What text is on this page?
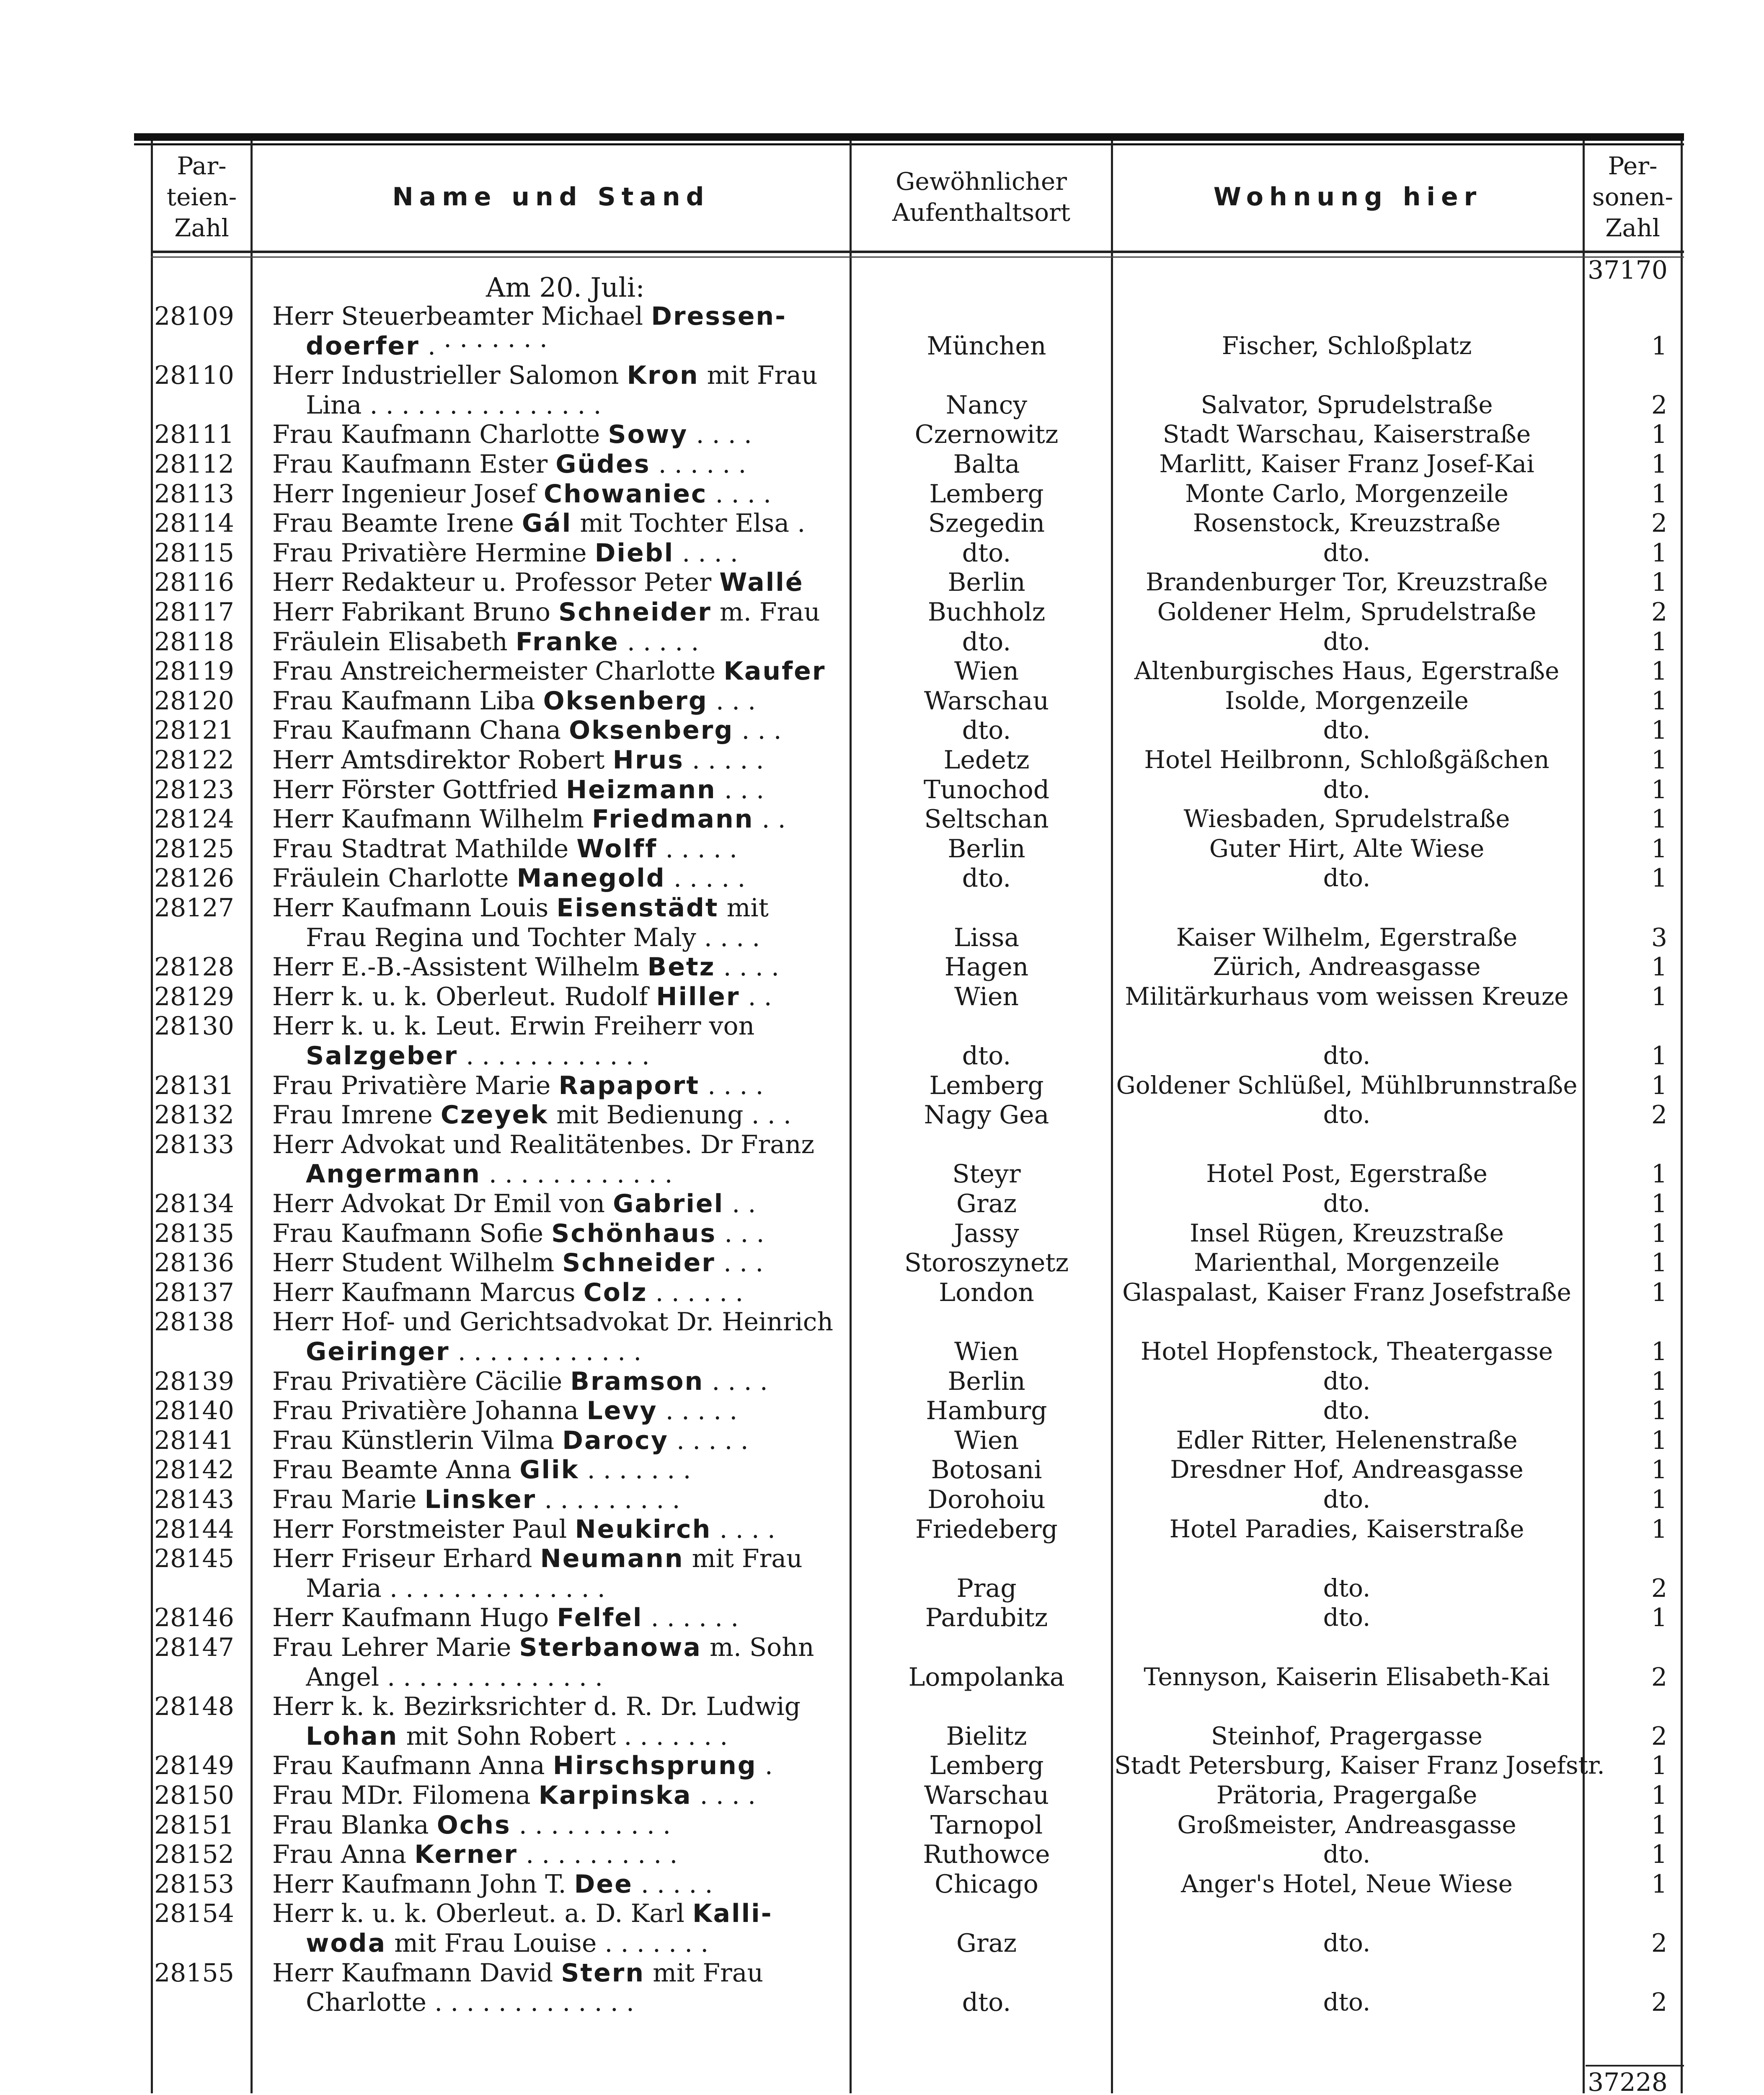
Par-
teien-
Zahl
Name und Stand
Gewöhnlicher
Aufenthaltsort
Wohnung hier
Per-
sonen-
Zahl
37170
Am 20. Juli:
28109 Herr Steuerbeamter Michael Dressen-
doerfer . · · · · · · ·	München	Fischer, Schloßplatz	1
28110 Herr Industrieller Salomon Kron mit Frau
Lina . . . . . . . . . . . . . . .	Nancy	Salvator, Sprudelstraße	2
28111 Frau Kaufmann Charlotte Sowy . . . .	Czernowitz	Stadt Warschau, Kaiserstraße	1
28112 Frau Kaufmann Ester Güdes . . . . . .	Balta	Marlitt, Kaiser Franz Josef-Kai	1
28113 Herr Ingenieur Josef Chowaniec . . . .	Lemberg	Monte Carlo, Morgenzeile	1
28114 Frau Beamte Irene Gál mit Tochter Elsa .	Szegedin	Rosenstock, Kreuzstraße	2
28115 Frau Privatière Hermine Diebl . . . .	dto.	dto.	1
28116 Herr Redakteur u. Professor Peter Wallé	Berlin	Brandenburger Tor, Kreuzstraße	1
28117 Herr Fabrikant Bruno Schneider m. Frau	Buchholz	Goldener Helm, Sprudelstraße	2
28118 Fräulein Elisabeth Franke . . . . .	dto.	dto.	1
28119 Frau Anstreichermeister Charlotte Kaufer	Wien	Altenburgisches Haus, Egerstraße	1
28120 Frau Kaufmann Liba Oksenberg . . .	Warschau	Isolde, Morgenzeile	1
28121 Frau Kaufmann Chana Oksenberg . . .	dto.	dto.	1
28122 Herr Amtsdirektor Robert Hrus . . . . .	Ledetz	Hotel Heilbronn, Schloßgäßchen	1
28123 Herr Förster Gottfried Heizmann . . .	Tunochod	dto.	1
28124 Herr Kaufmann Wilhelm Friedmann . .	Seltschan	Wiesbaden, Sprudelstraße	1
28125 Frau Stadtrat Mathilde Wolff . . . . .	Berlin	Guter Hirt, Alte Wiese	1
28126 Fräulein Charlotte Manegold . . . . .	dto.	dto.	1
28127 Herr Kaufmann Louis Eisenstädt mit
Frau Regina und Tochter Maly . . . .	Lissa	Kaiser Wilhelm, Egerstraße	3
28128 Herr E.-B.-Assistent Wilhelm Betz . . . .	Hagen	Zürich, Andreasgasse	1
28129 Herr k. u. k. Oberleut. Rudolf Hiller . .	Wien	Militärkurhaus vom weissen Kreuze	1
28130 Herr k. u. k. Leut. Erwin Freiherr von
Salzgeber . . . . . . . . . . . .	dto.	dto.	1
28131 Frau Privatière Marie Rapaport . . . .	Lemberg	Goldener Schlüßel, Mühlbrunnstraße	1
28132 Frau Imrene Czeyek mit Bedienung . . .	Nagy Gea	dto.	2
28133 Herr Advokat und Realitätenbes. Dr Franz
Angermann . . . . . . . . . . . .	Steyr	Hotel Post, Egerstraße	1
28134 Herr Advokat Dr Emil von Gabriel . .	Graz	dto.	1
28135 Frau Kaufmann Sofie Schönhaus . . .	Jassy	Insel Rügen, Kreuzstraße	1
28136 Herr Student Wilhelm Schneider . . .	Storoszynetz	Marienthal, Morgenzeile	1
28137 Herr Kaufmann Marcus Colz . . . . . .	London	Glaspalast, Kaiser Franz Josefstraße	1
28138 Herr Hof- und Gerichtsadvokat Dr. Heinrich
Geiringer . . . . . . . . . . . .	Wien	Hotel Hopfenstock, Theatergasse	1
28139 Frau Privatière Cäcilie Bramson . . . .	Berlin	dto.	1
28140 Frau Privatière Johanna Levy . . . . .	Hamburg	dto.	1
28141 Frau Künstlerin Vilma Darocy . . . . .	Wien	Edler Ritter, Helenenstraße	1
28142 Frau Beamte Anna Glik . . . . . . .	Botosani	Dresdner Hof, Andreasgasse	1
28143 Frau Marie Linsker . . . . . . . . .	Dorohoiu	dto.	1
28144 Herr Forstmeister Paul Neukirch . . . .	Friedeberg	Hotel Paradies, Kaiserstraße	1
28145 Herr Friseur Erhard Neumann mit Frau
Maria . . . . . . . . . . . . . .	Prag	dto.	2
28146 Herr Kaufmann Hugo Felfel . . . . . .	Pardubitz	dto.	1
28147 Frau Lehrer Marie Sterbanowa m. Sohn
Angel . . . . . . . . . . . . . .	Lompolanka	Tennyson, Kaiserin Elisabeth-Kai	2
28148 Herr k. k. Bezirksrichter d. R. Dr. Ludwig
Lohan mit Sohn Robert . . . . . . .	Bielitz	Steinhof, Pragergasse	2
28149 Frau Kaufmann Anna Hirschsprung .	Lemberg	Stadt Petersburg, Kaiser Franz Josefstr.	1
28150 Frau MDr. Filomena Karpinska . . . .	Warschau	Prätoria, Pragergaße	1
28151 Frau Blanka Ochs . . . . . . . . . .	Tarnopol	Großmeister, Andreasgasse	1
28152 Frau Anna Kerner . . . . . . . . . .	Ruthowce	dto.	1
28153 Herr Kaufmann John T. Dee . . . . .	Chicago	Anger's Hotel, Neue Wiese	1
28154 Herr k. u. k. Oberleut. a. D. Karl Kalli-
woda mit Frau Louise . . . . . . .	Graz	dto.	2
28155 Herr Kaufmann David Stern mit Frau
Charlotte . . . . . . . . . . . . .	dto.	dto.	2
37228
